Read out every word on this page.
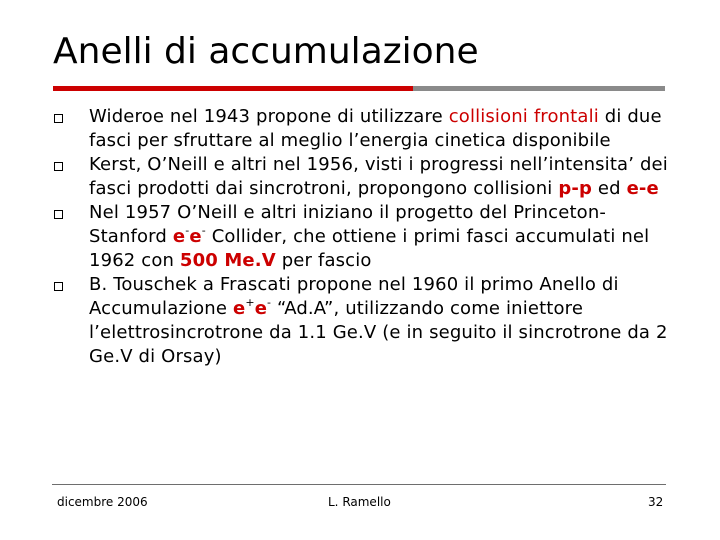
Anelli di accumulazione
Wideroe nel 1943 propone di utilizzare collisioni frontali di due fasci per sfruttare al meglio l’energia cinetica disponibile
Kerst, O’Neill e altri nel 1956, visti i progressi nell’intensita’ dei fasci prodotti dai sincrotroni, propongono collisioni p-p ed e-e
Nel 1957 O’Neill e altri iniziano il progetto del Princeton-Stanford e-e- Collider, che ottiene i primi fasci accumulati nel 1962 con 500 Me.V per fascio
B. Touschek a Frascati propone nel 1960 il primo Anello di Accumulazione e+e- “Ad.A”, utilizzando come iniettore l’elettrosincrotrone da 1.1 Ge.V (e in seguito il sincrotrone da 2 Ge.V di Orsay)
dicembre 2006	L. Ramello	32
